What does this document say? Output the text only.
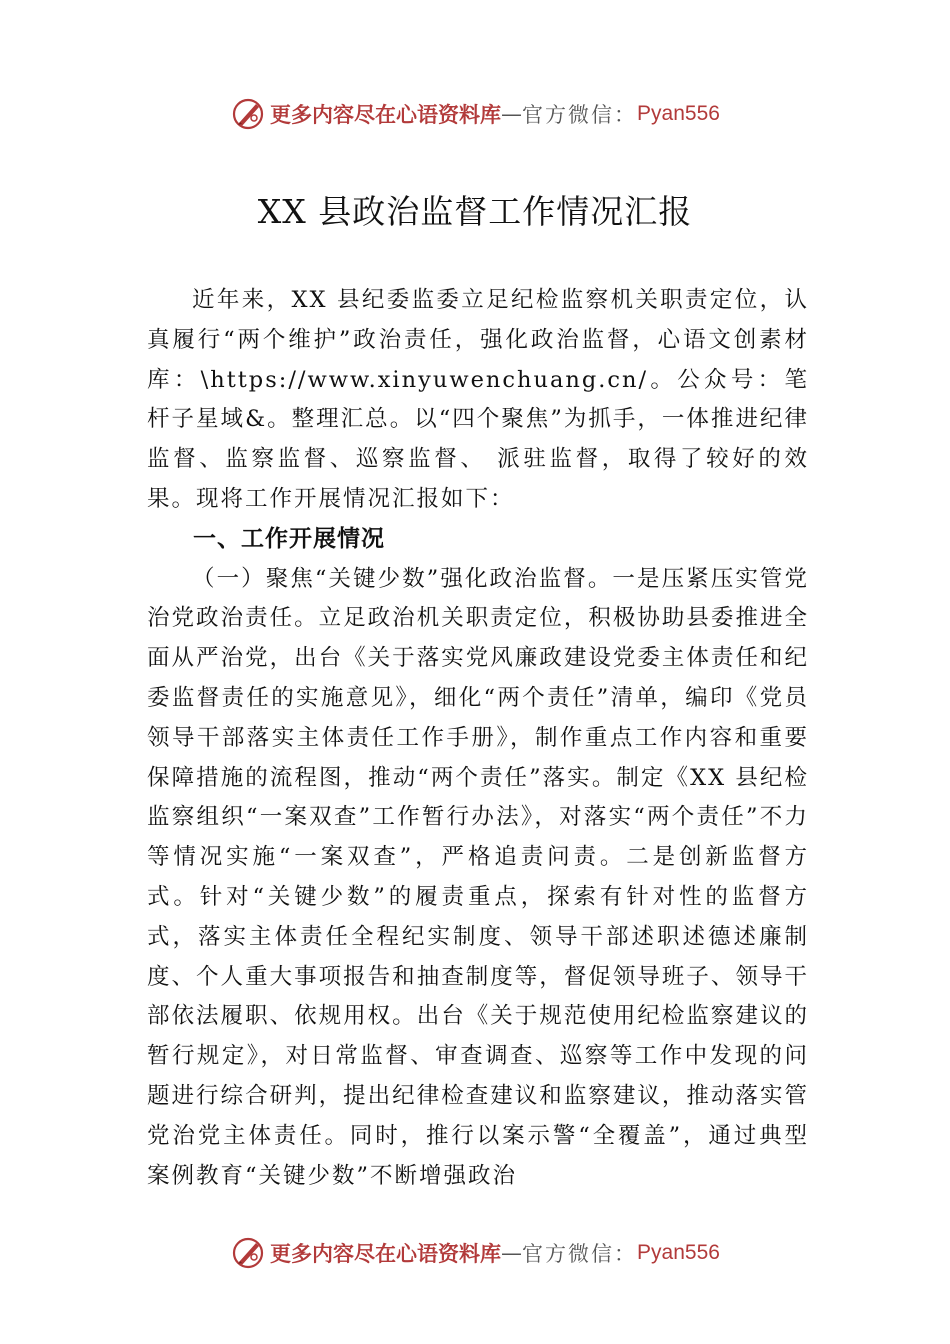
更多内容尽在心语资料库 — 官方微信： Pyan556
XX 县政治监督工作情况汇报

近年来，XX 县纪委监委立足纪检监察机关职责定位，认真履行“两个维护”政治责任，强化政治监督，心语文创素材库：\https://www.xinyuwenchuang.cn/。公众号：笔杆子星域&。整理汇总。以“四个聚焦”为抓手，一体推进纪律监督、监察监督、巡察监督、 派驻监督，取得了较好的效果。现将工作开展情况汇报如下：

一、工作开展情况

（一）聚焦“关键少数”强化政治监督。一是压紧压实管党治党政治责任。立足政治机关职责定位，积极协助县委推进全面从严治党，出台《关于落实党风廉政建设党委主体责任和纪委监督责任的实施意见》，细化“两个责任”清单，编印《党员领导干部落实主体责任工作手册》，制作重点工作内容和重要保障措施的流程图，推动“两个责任”落实。制定《XX 县纪检监察组织“一案双查”工作暂行办法》，对落实“两个责任”不力等情况实施“一案双查”，严格追责问责。二是创新监督方式。针对“关键少数”的履责重点，探索有针对性的监督方式，落实主体责任全程纪实制度、领导干部述职述德述廉制度、个人重大事项报告和抽查制度等，督促领导班子、领导干部依法履职、依规用权。出台《关于规范使用纪检监察建议的暂行规定》，对日常监督、审查调查、巡察等工作中发现的问题进行综合研判，提出纪律检查建议和监察建议，推动落实管党治党主体责任。同时，推行以案示警“全覆盖”，通过典型案例教育“关键少数”不断增强政治

更多内容尽在心语资料库 — 官方微信： Pyan556
